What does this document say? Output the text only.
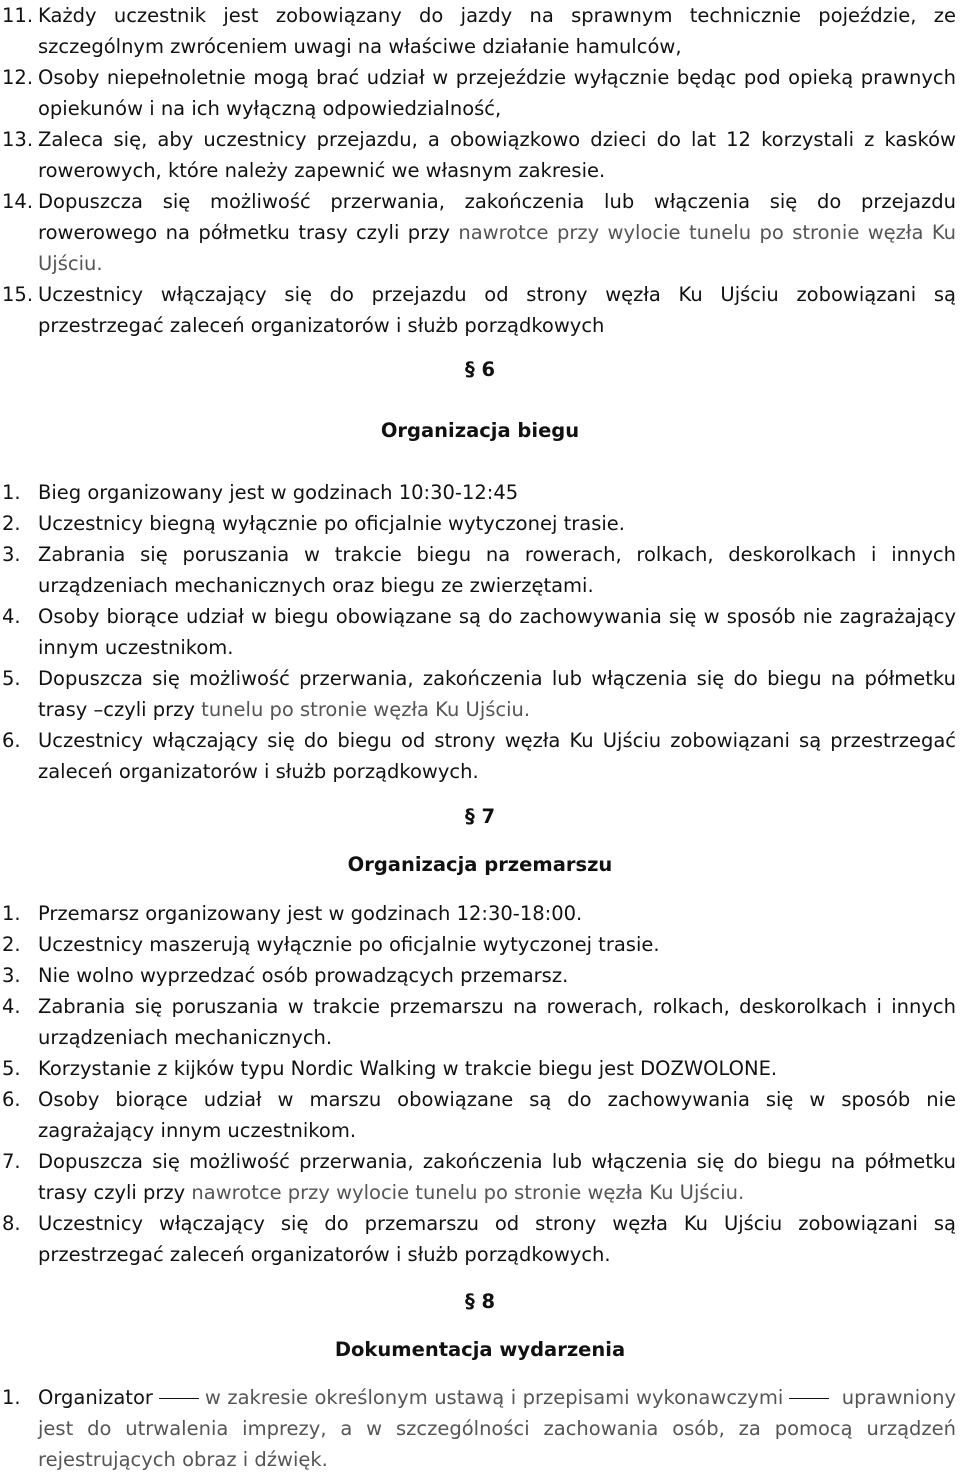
11. Każdy uczestnik jest zobowiązany do jazdy na sprawnym technicznie pojeździe, ze szczególnym zwróceniem uwagi na właściwe działanie hamulców,
12. Osoby niepełnoletnie mogą brać udział w przejeździe wyłącznie będąc pod opieką prawnych opiekunów i na ich wyłączną odpowiedzialność,
13. Zaleca się, aby uczestnicy przejazdu, a obowiązkowo dzieci do lat 12 korzystali z kasków rowerowych, które należy zapewnić we własnym zakresie.
14. Dopuszcza się możliwość przerwania, zakończenia lub włączenia się do przejazdu rowerowego na półmetku trasy czyli przy nawrotce przy wylocie tunelu po stronie węzła Ku Ujściu.
15. Uczestnicy włączający się do przejazdu od strony węzła Ku Ujściu zobowiązani są przestrzegać zaleceń organizatorów i służb porządkowych
§ 6
Organizacja biegu
1. Bieg organizowany jest w godzinach 10:30-12:45
2. Uczestnicy biegną wyłącznie po oficjalnie wytyczonej trasie.
3. Zabrania się poruszania w trakcie biegu na rowerach, rolkach, deskorolkach i innych urządzeniach mechanicznych oraz biegu ze zwierzętami.
4. Osoby biorące udział w biegu obowiązane są do zachowywania się w sposób nie zagrażający innym uczestnikom.
5. Dopuszcza się możliwość przerwania, zakończenia lub włączenia się do biegu na półmetku trasy –czyli przy tunelu po stronie węzła Ku Ujściu.
6. Uczestnicy włączający się do biegu od strony węzła Ku Ujściu zobowiązani są przestrzegać zaleceń organizatorów i służb porządkowych.
§ 7
Organizacja przemarszu
1. Przemarsz organizowany jest w godzinach 12:30-18:00.
2. Uczestnicy maszerują wyłącznie po oficjalnie wytyczonej trasie.
3. Nie wolno wyprzedzać osób prowadzących przemarsz.
4. Zabrania się poruszania w trakcie przemarszu na rowerach, rolkach, deskorolkach i innych urządzeniach mechanicznych.
5. Korzystanie z kijków typu Nordic Walking w trakcie biegu jest DOZWOLONE.
6. Osoby biorące udział w marszu obowiązane są do zachowywania się w sposób nie zagrażający innym uczestnikom.
7. Dopuszcza się możliwość przerwania, zakończenia lub włączenia się do biegu na półmetku trasy czyli przy nawrotce przy wylocie tunelu po stronie węzła Ku Ujściu.
8. Uczestnicy włączający się do przemarszu od strony węzła Ku Ujściu zobowiązani są przestrzegać zaleceń organizatorów i służb porządkowych.
§ 8
Dokumentacja wydarzenia
1. Organizator	w zakresie określonym ustawą i przepisami wykonawczymi	uprawniony jest do utrwalenia imprezy, a w szczególności zachowania osób, za pomocą urządzeń rejestrujących obraz i dźwięk.
